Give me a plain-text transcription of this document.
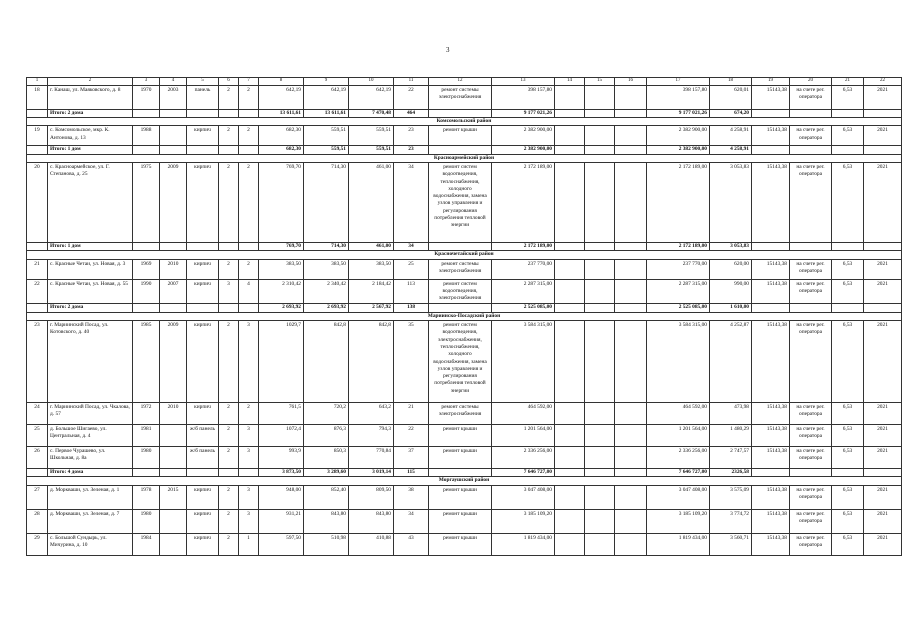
3
1	2	3	4	5	6	7	8	9	10	11	12	13	14	15	16	17	18	19	20	21	22
18	г. Канаш, ул. Маяковского, д. 8	1970	2003	панель	2	2	642,19	642,19	642,19	22	ремонт системы электроснабжения	398 157,80				398 157,80	620,01	15143,38	на счете рег. оператора	6,53	2021
	Итого: 2 дома						13 611,61	13 611,61	7 470,48	464		9 177 021,26				9 177 021,26	674,20				
Комсомольский район																					
19	с. Комсомольское, мкр. К. Антонова, д. 13	1988		кирпич	2	2	682,30	559,51	559,51	23	ремонт крыши	2 382 900,00				2 382 900,00	4 258,91	15143,38	на счете рег. оператора	6,53	2021
	Итого: 1 дом						682,30	559,51	559,51	23		2 382 900,00				2 382 900,00	4 258,91				
Красноармейский район																					
20	с. Красноармейское, ул. Г. Степанова, д. 25	1975	2009	кирпич	2	2	769,70	714,30	461,00	34	ремонт систем водоотведения, теплоснабжения, холодного водоснабжения, замена узлов управления и регулирования потребления тепловой энергии	2 172 189,00				2 172 189,00	3 053,83	15143,38	на счете рег. оператора	6,53	2021
	Итого: 1 дом						769,70	714,30	461,00	34		2 172 189,00				2 172 189,00	3 053,83				
Красночетайский район																					
21	с. Красные Четаи, ул. Новая, д. 3	1969	2010	кирпич	2	2	383,50	383,50	383,50	25	ремонт системы электроснабжения	237 770,00				237 770,00	620,00	15143,38	на счете рег. оператора	6,53	2021
22	с. Красные Четаи, ул. Новая, д. 55	1990	2007	кирпич	3	4	2 310,42	2 340,42	2 184,42	113	ремонт систем водоотведения, электроснабжения	2 287 315,00				2 287 315,00	990,00	15143,38	на счете рег. оператора	6,53	2021
	Итого: 2 дома						2 693,92	2 693,92	2 567,92	138		2 525 085,00				2 525 085,00	1 610,00				
Мариинско-Посадский район																					
23	г. Мариинский Посад, ул. Котовского, д. 40	1985	2009	кирпич	2	3	1029,7	842,8	842,8	35	ремонт систем водоотведения, электроснабжения, теплоснабжения, холодного водоснабжения, замена узлов управления и регулирования потребления тепловой энергии	3 584 315,00				3 584 315,00	4 252,87	15143,38	на счете рег. оператора	6,53	2021
24	г. Мариинский Посад, ул. Чкалова, д. 57	1972	2010	кирпич	2	2	761,5	720,2	643,2	21	ремонт системы электроснабжения	464 592,00				464 592,00	473,98	15143,38	на счете рег. оператора	6,53	2021
25	д. Большое Шигаево, ул. Центральная, д. 4	1981		ж/б панель	2	3	1072,4	876,3	794,3	22	ремонт крыши	1 201 564,00				1 201 564,00	1 480,29	15143,38	на счете рег. оператора	6,53	2021
26	с. Первое Чурашево, ул. Школьная, д. 8а	1980		ж/б панель	2	3	993,9	850,3	770,84	37	ремонт крыши	2 336 256,00				2 336 256,00	2 747,57	15143,38	на счете рег. оператора	6,53	2021
	Итого: 4 дома						3 873,50	3 289,60	3 019,14	115		7 646 727,00				7 646 727,00	2326,58				
Моргаушский район																					
27	д. Моркваши, ул. Зеленая, д. 1	1978	2015	кирпич	2	3	948,00	852,40	809,50	38	ремонт крыши	3 047 408,00				3 047 408,00	3 575,09	15143,38	на счете рег. оператора	6,53	2021
28	д. Моркваши, ул. Зеленая, д. 7	1980		кирпич	2	3	931,21	843,80	843,80	34	ремонт крыши	3 185 109,20				3 185 109,20	3 774,72	15143,38	на счете рег. оператора	6,53	2021
29	с. Большой Сундырь, ул. Мичурина, д. 10	1984		кирпич	2	1	597,50	510,98	410,88	43	ремонт крыши	1 819 434,00				1 819 434,00	3 560,71	15143,38	на счете рег. оператора	6,53	2021
